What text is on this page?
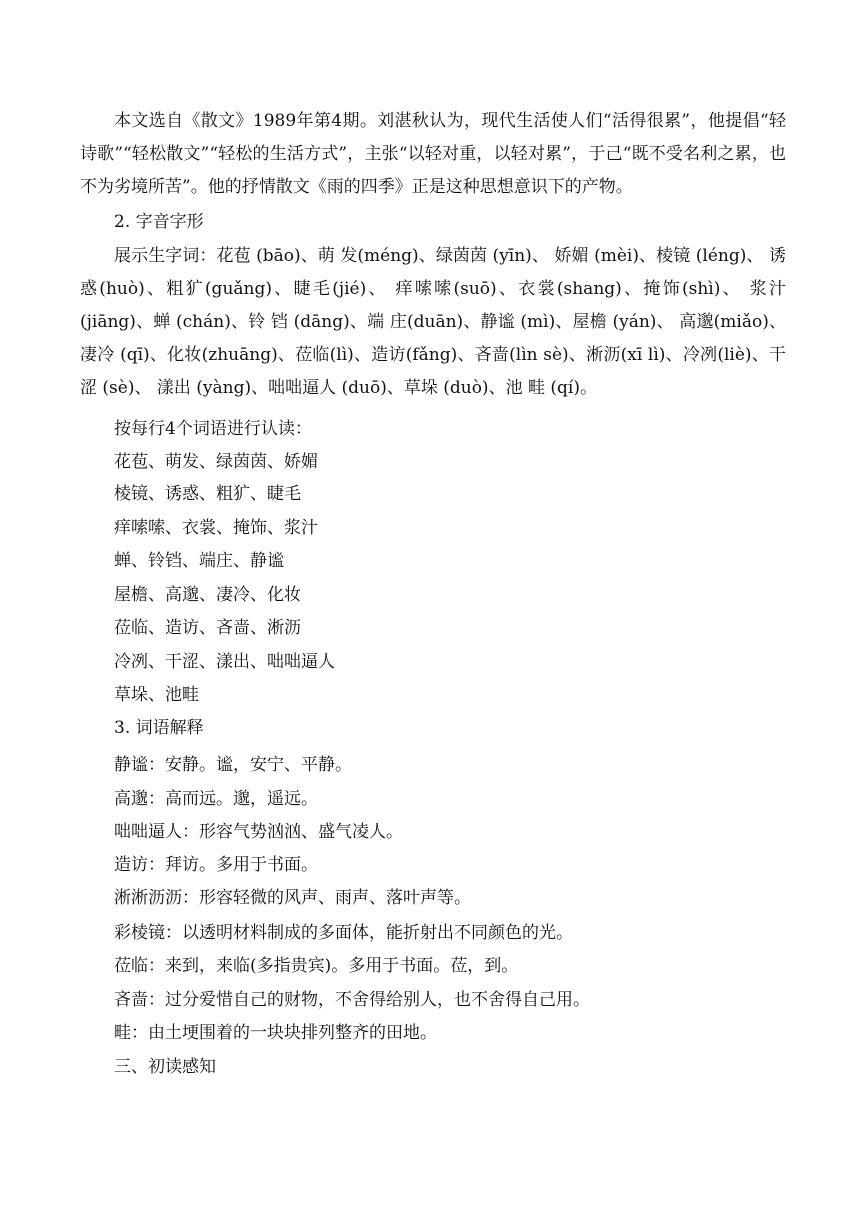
本文选自《散文》1989年第4期。刘湛秋认为，现代生活使人们“活得很累”，他提倡“轻诗歌”“轻松散文”“轻松的生活方式”，主张“以轻对重，以轻对累”，于己“既不受名利之累，也不为劣境所苦”。他的抒情散文《雨的四季》正是这种思想意识下的产物。
2. 字音字形
展示生字词：花苞 (bāo)、萌 发(méng)、绿茵茵 (yīn)、 娇媚 (mèi)、棱镜 (léng)、 诱惑(huò)、粗犷(guǎng)、睫毛(jié)、 痒嗦嗦(suō)、衣裳(shang)、掩饰(shì)、 浆汁(jiāng)、蝉 (chán)、铃 铛 (dāng)、端 庄(duān)、静谧 (mì)、屋檐 (yán)、 高邈(miǎo)、凄冷 (qī)、化妆(zhuāng)、莅临(lì)、造访(fǎng)、吝啬(lìn sè)、淅沥(xī lì)、冷冽(liè)、干涩 (sè)、 漾出 (yàng)、咄咄逼人 (duō)、草垛 (duò)、池 畦 (qí)。
按每行4个词语进行认读：
花苞、萌发、绿茵茵、娇媚
棱镜、诱惑、粗犷、睫毛
痒嗦嗦、衣裳、掩饰、浆汁
蝉、铃铛、端庄、静谧
屋檐、高邈、凄冷、化妆
莅临、造访、吝啬、淅沥
冷冽、干涩、漾出、咄咄逼人
草垛、池畦
3. 词语解释
静谧：安静。谧，安宁、平静。
高邈：高而远。邈，遥远。
咄咄逼人：形容气势汹汹、盛气凌人。
造访：拜访。多用于书面。
淅淅沥沥：形容轻微的风声、雨声、落叶声等。
彩棱镜：以透明材料制成的多面体，能折射出不同颜色的光。
莅临：来到，来临(多指贵宾)。多用于书面。莅，到。
吝啬：过分爱惜自己的财物，不舍得给别人，也不舍得自己用。
畦：由土埂围着的一块块排列整齐的田地。
三、初读感知
